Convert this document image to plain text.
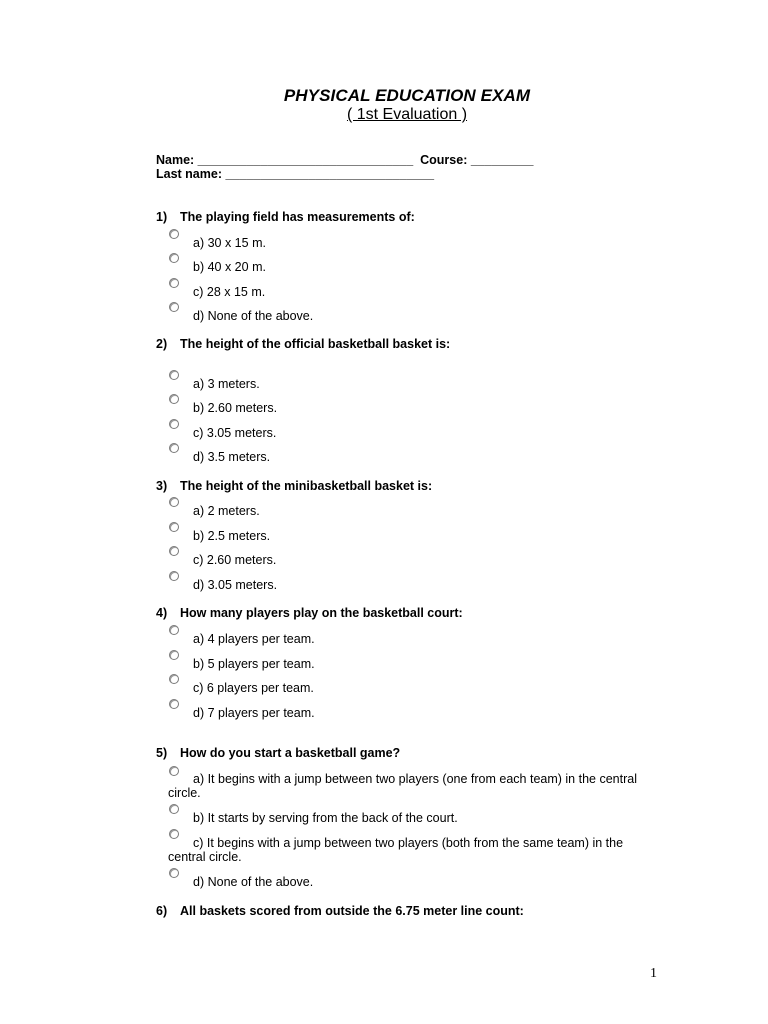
PHYSICAL EDUCATION EXAM
( 1st Evaluation )
Name: _______________________________  Course: _________
Last name: ______________________________
1) The playing field has measurements of:
a) 30 x 15 m.
b) 40 x 20 m.
c) 28 x 15 m.
d) None of the above.
2) The height of the official basketball basket is:
a) 3 meters.
b) 2.60 meters.
c) 3.05 meters.
d) 3.5 meters.
3) The height of the minibasketball basket is:
a) 2 meters.
b) 2.5 meters.
c) 2.60 meters.
d) 3.05 meters.
4) How many players play on the basketball court:
a) 4 players per team.
b) 5 players per team.
c) 6 players per team.
d) 7 players per team.
5) How do you start a basketball game?
a) It begins with a jump between two players (one from each team) in the central circle.
b) It starts by serving from the back of the court.
c) It begins with a jump between two players (both from the same team) in the central circle.
d) None of the above.
6) All baskets scored from outside the 6.75 meter line count:
1
